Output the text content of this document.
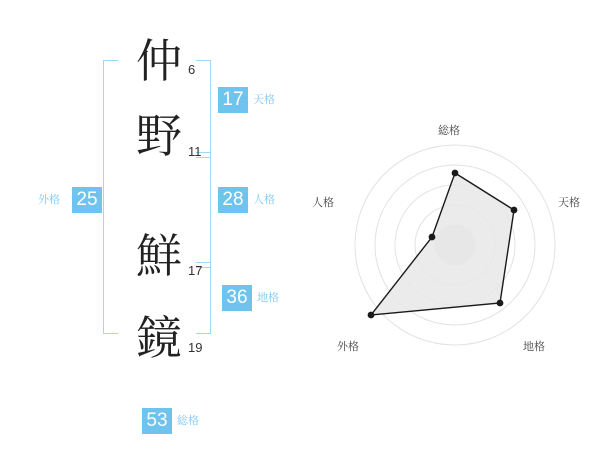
仲 6
野 11
鮮 17
鏡 19
17 天格
28 人格
36 地格
外格 25
53 総格
総格
天格
地格
外格
人格
